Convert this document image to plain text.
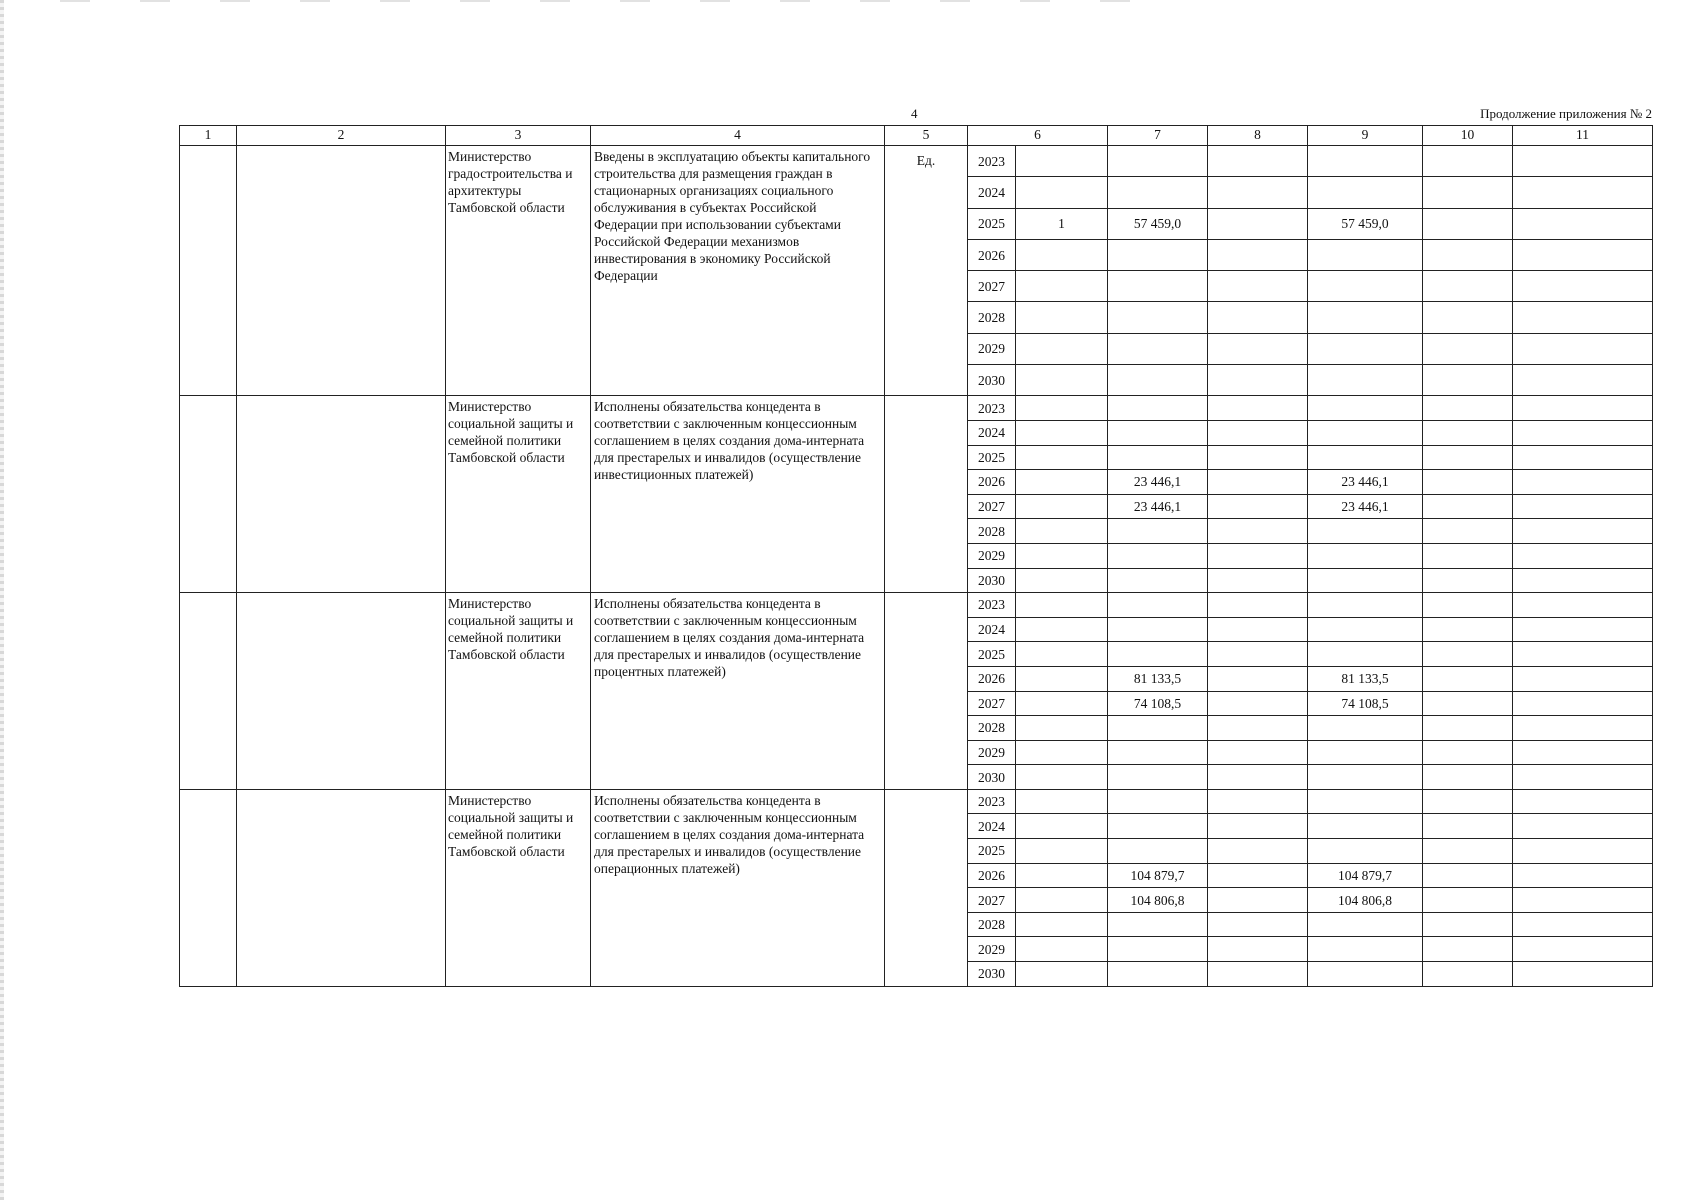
4	Продолжение приложения № 2
1	2	3	4	5	6		7	8	9	10	11
		Министерство градостроительства и архитектуры Тамбовской области	Введены в эксплуатацию объекты капитального строительства для размещения граждан в стационарных организациях социального обслуживания в субъектах Российской Федерации при использовании субъектами Российской Федерации механизмов инвестирования в экономику Российской Федерации	Ед.	2023						
					2024						
					2025	1	57 459,0		57 459,0		
					2026						
					2027						
					2028						
					2029						
					2030						
		Министерство социальной защиты и семейной политики Тамбовской области	Исполнены обязательства концедента в соответствии с заключенным концессионным соглашением в целях создания дома-интерната для престарелых и инвалидов (осуществление инвестиционных платежей)		2023						
					2024						
					2025						
					2026		23 446,1		23 446,1		
					2027		23 446,1		23 446,1		
					2028						
					2029						
					2030						
		Министерство социальной защиты и семейной политики Тамбовской области	Исполнены обязательства концедента в соответствии с заключенным концессионным соглашением в целях создания дома-интерната для престарелых и инвалидов (осуществление процентных платежей)		2023						
					2024						
					2025						
					2026		81 133,5		81 133,5		
					2027		74 108,5		74 108,5		
					2028						
					2029						
					2030						
		Министерство социальной защиты и семейной политики Тамбовской области	Исполнены обязательства концедента в соответствии с заключенным концессионным соглашением в целях создания дома-интерната для престарелых и инвалидов (осуществление операционных платежей)		2023						
					2024						
					2025						
					2026		104 879,7		104 879,7		
					2027		104 806,8		104 806,8		
					2028						
					2029						
					2030						
